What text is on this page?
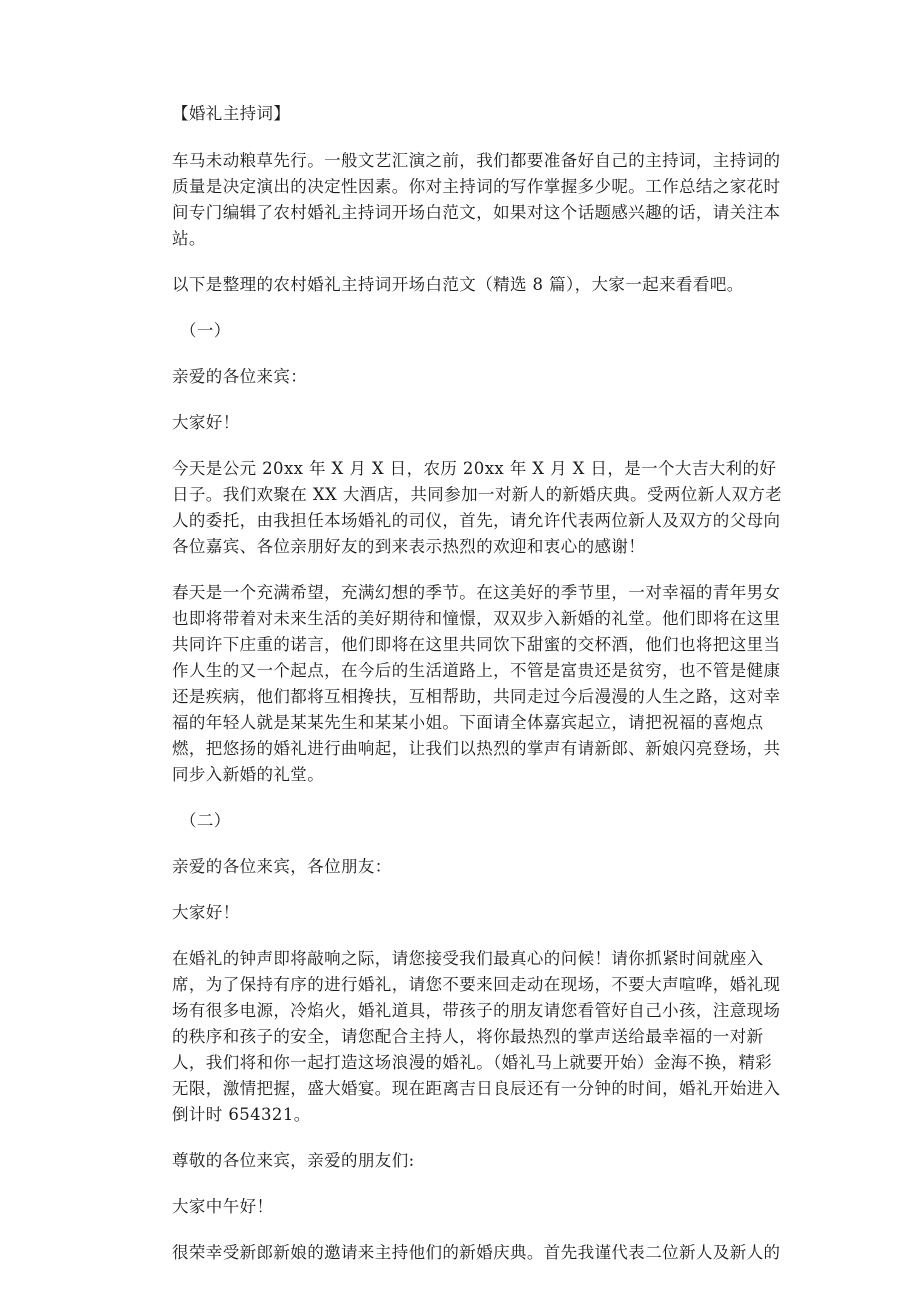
【婚礼主持词】

车马未动粮草先行。一般文艺汇演之前，我们都要准备好自己的主持词，主持词的质量是决定演出的决定性因素。你对主持词的写作掌握多少呢。工作总结之家花时间专门编辑了农村婚礼主持词开场白范文，如果对这个话题感兴趣的话，请关注本站。

以下是整理的农村婚礼主持词开场白范文（精选 8 篇），大家一起来看看吧。

（一）

亲爱的各位来宾：

大家好！

今天是公元 20xx 年 X 月 X 日，农历 20xx 年 X 月 X 日，是一个大吉大利的好日子。我们欢聚在 XX 大酒店，共同参加一对新人的新婚庆典。受两位新人双方老人的委托，由我担任本场婚礼的司仪，首先，请允许代表两位新人及双方的父母向各位嘉宾、各位亲朋好友的到来表示热烈的欢迎和衷心的感谢！

春天是一个充满希望，充满幻想的季节。在这美好的季节里，一对幸福的青年男女也即将带着对未来生活的美好期待和憧憬，双双步入新婚的礼堂。他们即将在这里共同许下庄重的诺言，他们即将在这里共同饮下甜蜜的交杯酒，他们也将把这里当作人生的又一个起点，在今后的生活道路上，不管是富贵还是贫穷，也不管是健康还是疾病，他们都将互相搀扶，互相帮助，共同走过今后漫漫的人生之路，这对幸福的年轻人就是某某先生和某某小姐。下面请全体嘉宾起立，请把祝福的喜炮点燃，把悠扬的婚礼进行曲响起，让我们以热烈的掌声有请新郎、新娘闪亮登场，共同步入新婚的礼堂。

（二）

亲爱的各位来宾，各位朋友：

大家好！

在婚礼的钟声即将敲响之际，请您接受我们最真心的问候！请你抓紧时间就座入席，为了保持有序的进行婚礼，请您不要来回走动在现场，不要大声喧哗，婚礼现场有很多电源，冷焰火，婚礼道具，带孩子的朋友请您看管好自己小孩，注意现场的秩序和孩子的安全，请您配合主持人，将你最热烈的掌声送给最幸福的一对新人，我们将和你一起打造这场浪漫的婚礼。（婚礼马上就要开始）金海不换，精彩无限，激情把握，盛大婚宴。现在距离吉日良辰还有一分钟的时间，婚礼开始进入倒计时 654321。

尊敬的各位来宾，亲爱的朋友们:

大家中午好！

很荣幸受新郎新娘的邀请来主持他们的新婚庆典。首先我谨代表二位新人及新人的
